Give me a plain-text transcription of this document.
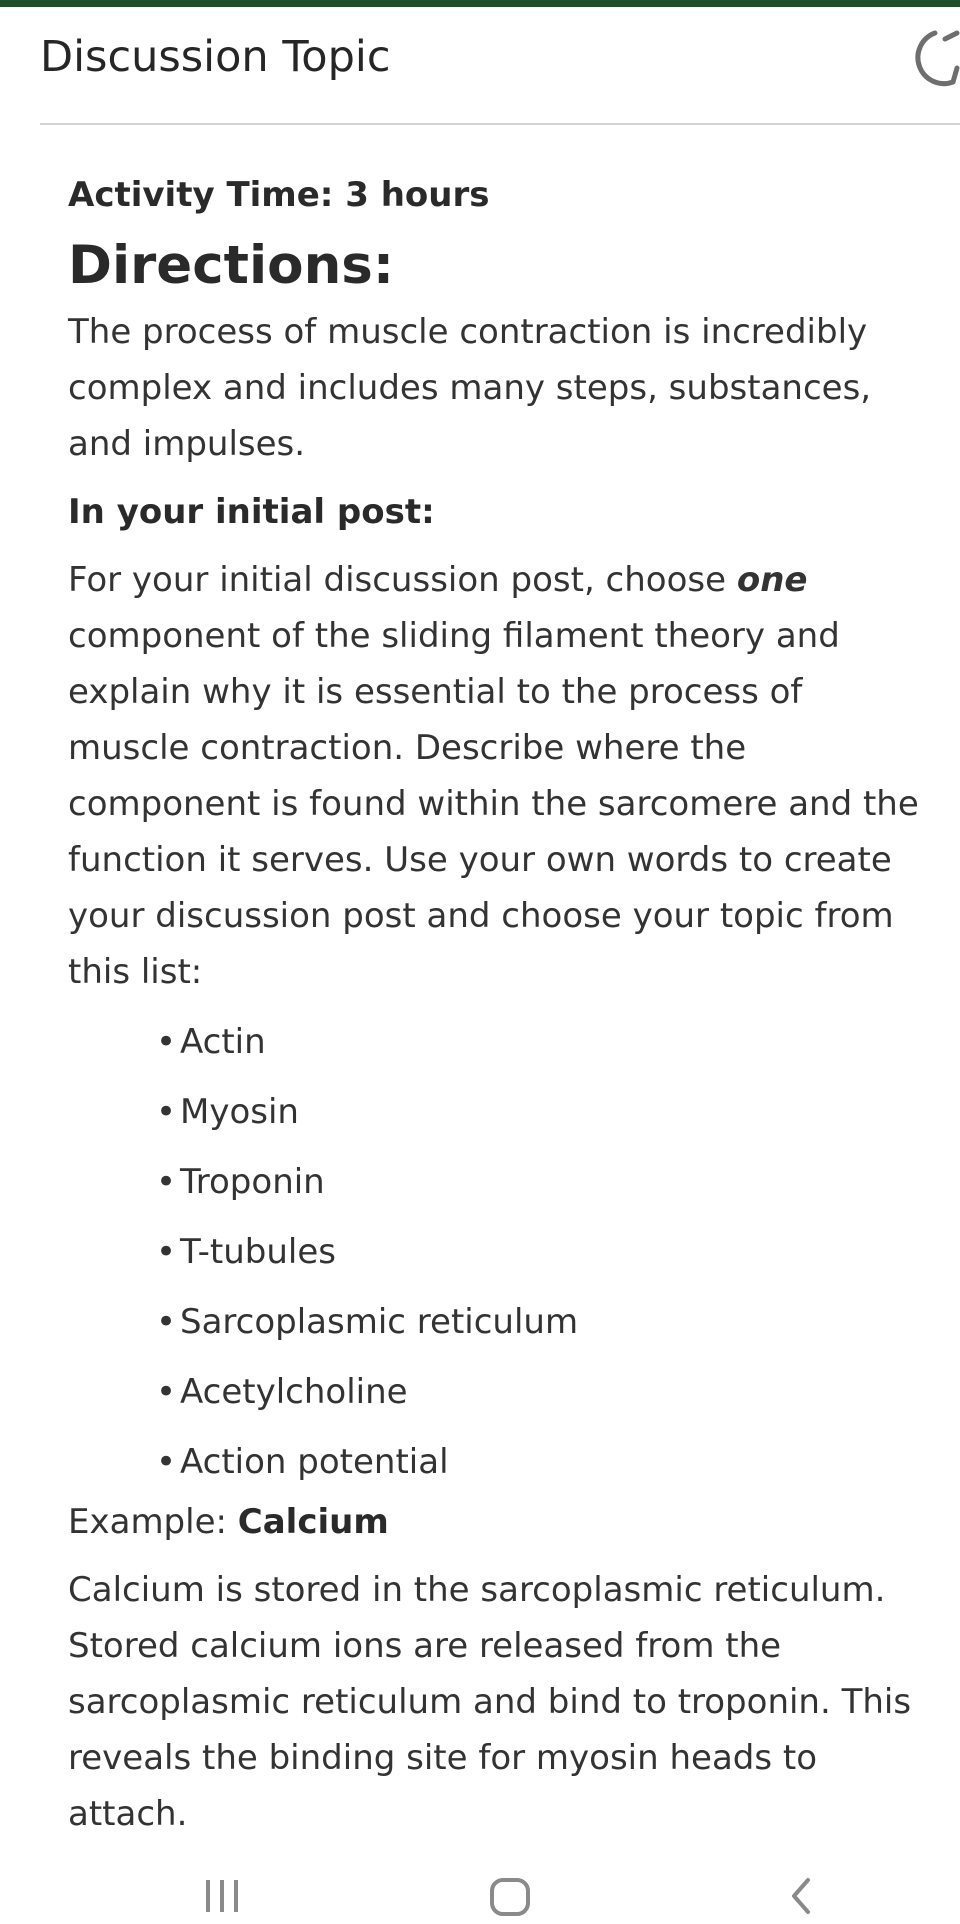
Discussion Topic

Activity Time: 3 hours

Directions:

The process of muscle contraction is incredibly complex and includes many steps, substances, and impulses.

In your initial post:

For your initial discussion post, choose one component of the sliding filament theory and explain why it is essential to the process of muscle contraction. Describe where the component is found within the sarcomere and the function it serves. Use your own words to create your discussion post and choose your topic from this list:

• Actin
• Myosin
• Troponin
• T-tubules
• Sarcoplasmic reticulum
• Acetylcholine
• Action potential

Example: Calcium

Calcium is stored in the sarcoplasmic reticulum. Stored calcium ions are released from the sarcoplasmic reticulum and bind to troponin. This reveals the binding site for myosin heads to attach.
